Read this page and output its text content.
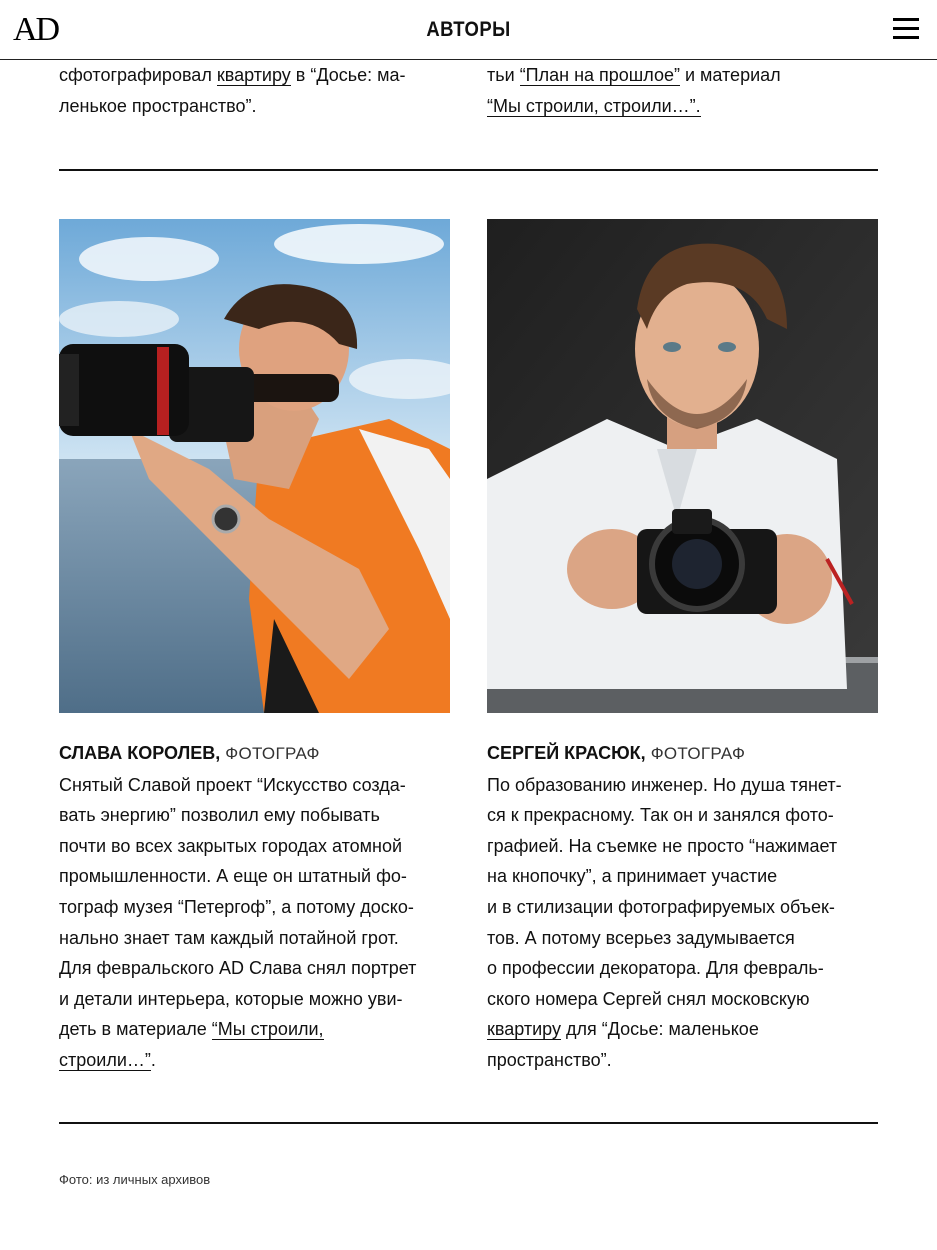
AD	АВТОРЫ

сфотографировал квартиру в “Досье: ма-

ленькое пространство”.

тьи “План на прошлое” и материал

“Мы строили, строили…”.

СЛАВА КОРОЛЕВ, ФОТОГРАФ

Снятый Славой проект “Искусство созда-

вать энергию” позволил ему побывать

почти во всех закрытых городах атомной

промышленности. А еще он штатный фо-

тограф музея “Петергоф”, а потому доско-

нально знает там каждый потайной грот.

Для февральского AD Слава снял портрет

и детали интерьера, которые можно уви-

деть в материале “Мы строили,

строили…”.

СЕРГЕЙ КРАСЮК, ФОТОГРАФ

По образованию инженер. Но душа тянет-

ся к прекрасному. Так он и занялся фото-

графией. На съемке не просто “нажимает

на кнопочку”, а принимает участие

и в стилизации фотографируемых объек-

тов. А потому всерьез задумывается

о профессии декоратора. Для февраль-

ского номера Сергей снял московскую

квартиру для “Досье: маленькое

пространство”.

Фото: из личных архивов
